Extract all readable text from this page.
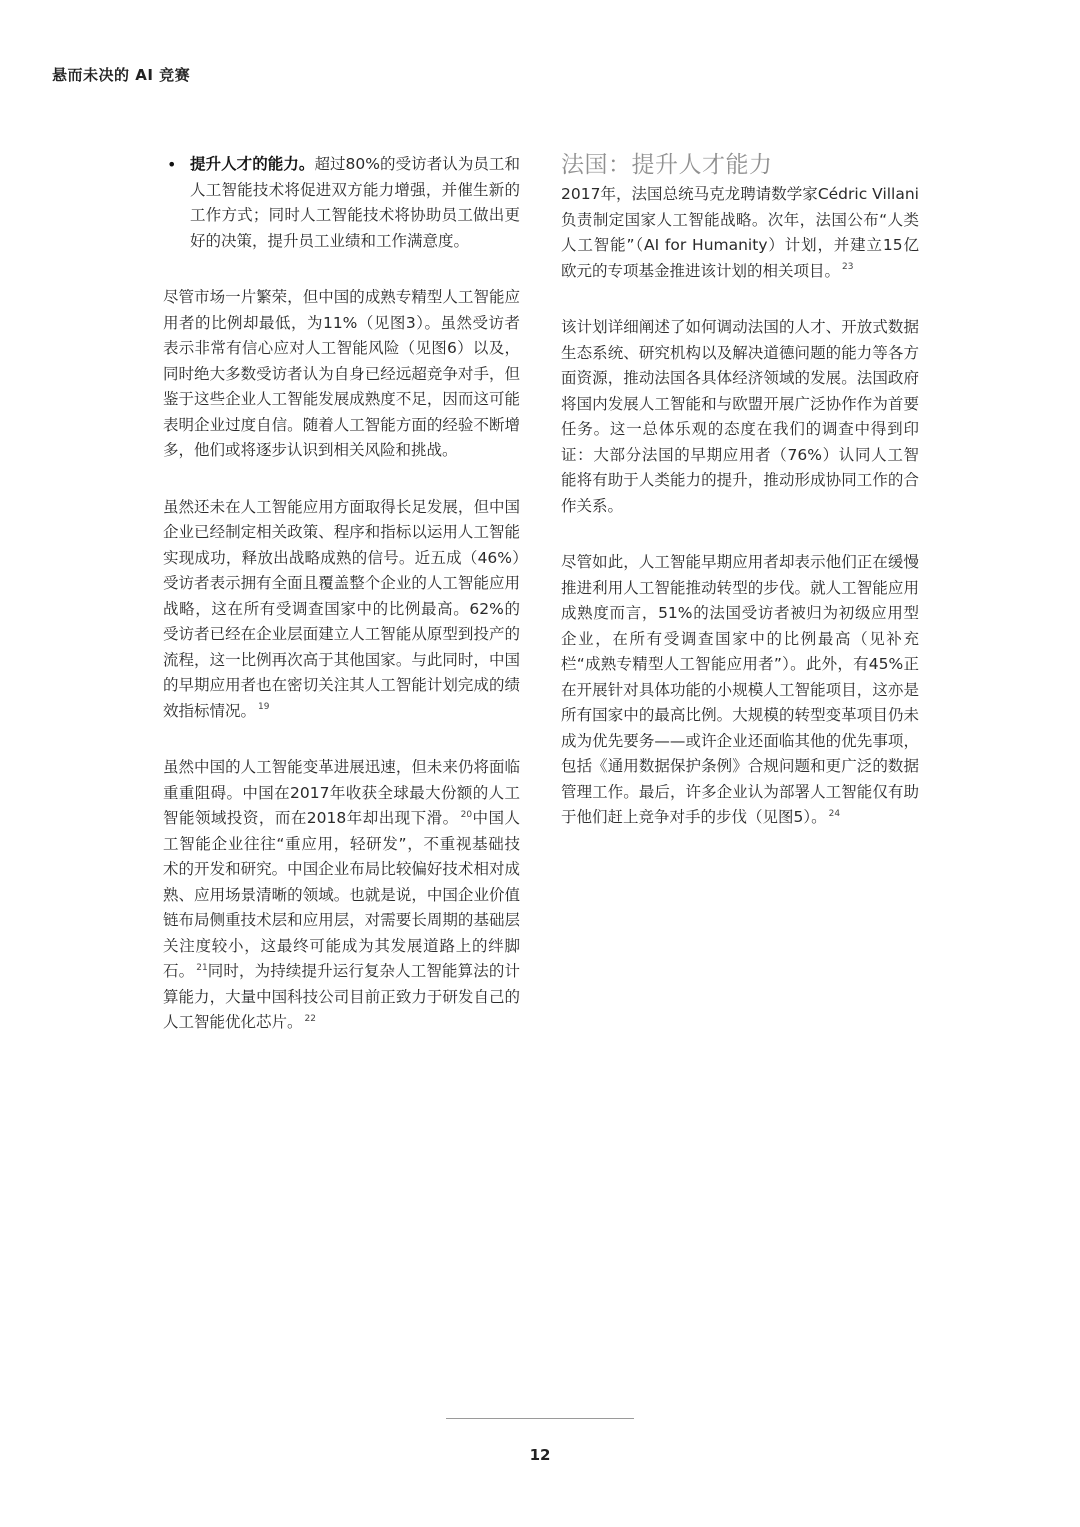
悬而未决的 AI 竞赛
• 提升人才的能力。超过80%的受访者认为员工和人工智能技术将促进双方能力增强，并催生新的工作方式；同时人工智能技术将协助员工做出更好的决策，提升员工业绩和工作满意度。

尽管市场一片繁荣，但中国的成熟专精型人工智能应用者的比例却最低，为11%（见图3）。虽然受访者表示非常有信心应对人工智能风险（见图6）以及，同时绝大多数受访者认为自身已经远超竞争对手，但鉴于这些企业人工智能发展成熟度不足，因而这可能表明企业过度自信。随着人工智能方面的经验不断增多，他们或将逐步认识到相关风险和挑战。

虽然还未在人工智能应用方面取得长足发展，但中国企业已经制定相关政策、程序和指标以运用人工智能实现成功，释放出战略成熟的信号。近五成（46%）受访者表示拥有全面且覆盖整个企业的人工智能应用战略，这在所有受调查国家中的比例最高。62%的受访者已经在企业层面建立人工智能从原型到投产的流程，这一比例再次高于其他国家。与此同时，中国的早期应用者也在密切关注其人工智能计划完成的绩效指标情况。 $^{19}$

虽然中国的人工智能变革进展迅速，但未来仍将面临重重阻碍。中国在2017年收获全球最大份额的人工智能领域投资，而在2018年却出现下滑。 $^{20}$中国人工智能企业往往“重应用，轻研发”，不重视基础技术的开发和研究。中国企业布局比较偏好技术相对成熟、应用场景清晰的领域。也就是说，中国企业价值链布局侧重技术层和应用层，对需要长周期的基础层关注度较小，这最终可能成为其发展道路上的绊脚石。 $^{21}$同时，为持续提升运行复杂人工智能算法的计算能力，大量中国科技公司目前正致力于研发自己的人工智能优化芯片。 $^{22}$

法国：提升人才能力

2017年，法国总统马克龙聘请数学家Cédric Villani负责制定国家人工智能战略。次年，法国公布“人类人工智能”（AI for Humanity）计划，并建立15亿欧元的专项基金推进该计划的相关项目。 $^{23}$

该计划详细阐述了如何调动法国的人才、开放式数据生态系统、研究机构以及解决道德问题的能力等各方面资源，推动法国各具体经济领域的发展。法国政府将国内发展人工智能和与欧盟开展广泛协作作为首要任务。这一总体乐观的态度在我们的调查中得到印证：大部分法国的早期应用者（76%）认同人工智能将有助于人类能力的提升，推动形成协同工作的合作关系。

尽管如此，人工智能早期应用者却表示他们正在缓慢推进利用人工智能推动转型的步伐。就人工智能应用成熟度而言，51%的法国受访者被归为初级应用型企业，在所有受调查国家中的比例最高（见补充栏“成熟专精型人工智能应用者”）。此外，有45%正在开展针对具体功能的小规模人工智能项目，这亦是所有国家中的最高比例。大规模的转型变革项目仍未成为优先要务——或许企业还面临其他的优先事项，包括《通用数据保护条例》合规问题和更广泛的数据管理工作。最后，许多企业认为部署人工智能仅有助于他们赶上竞争对手的步伐（见图5）。 $^{24}$

12
